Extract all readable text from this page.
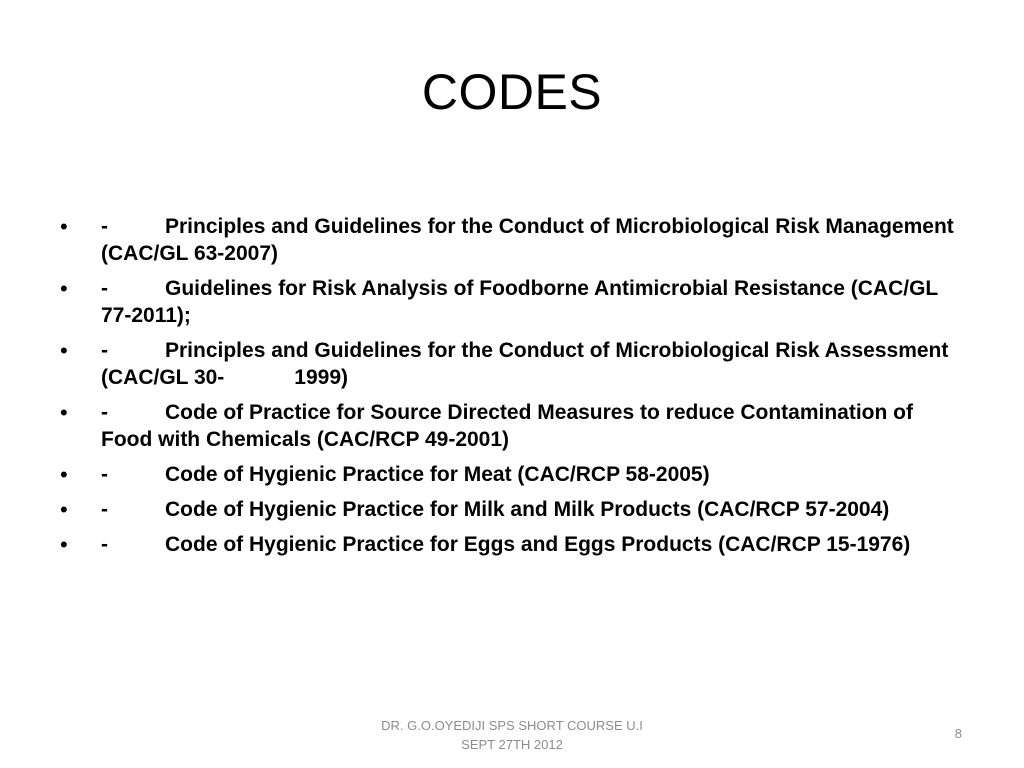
CODES
• -	Principles and Guidelines for the Conduct of Microbiological Risk Management (CAC/GL 63-2007)
• -	Guidelines for Risk Analysis of Foodborne Antimicrobial Resistance (CAC/GL 77-2011);
• -	Principles and Guidelines for the Conduct of Microbiological Risk Assessment (CAC/GL 30-	1999)
• -	Code of Practice for Source Directed Measures to reduce Contamination of Food with Chemicals (CAC/RCP 49-2001)
• -	Code of Hygienic Practice for Meat (CAC/RCP 58-2005)
• -	Code of Hygienic Practice for Milk and Milk Products (CAC/RCP 57-2004)
• -	Code of Hygienic Practice for Eggs and Eggs Products (CAC/RCP 15-1976)
DR. G.O.OYEDIJI SPS SHORT COURSE U.I
SEPT 27TH 2012
8
